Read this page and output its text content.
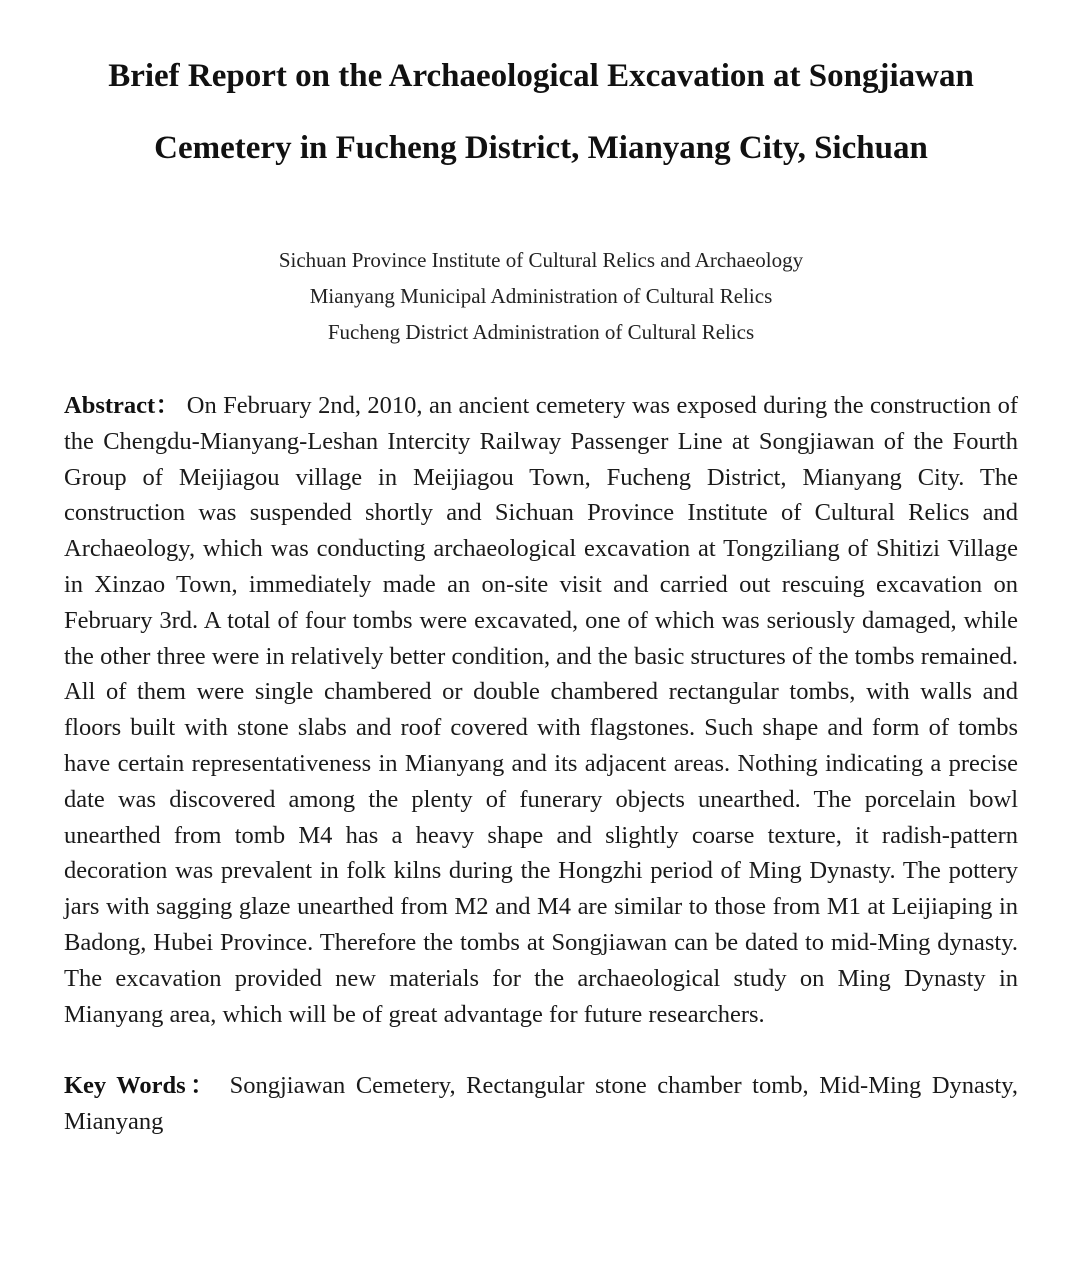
Brief Report on the Archaeological Excavation at Songjiawan
Cemetery in Fucheng District, Mianyang City, Sichuan
Sichuan Province Institute of Cultural Relics and Archaeology
Mianyang Municipal Administration of Cultural Relics
Fucheng District Administration of Cultural Relics
Abstract： On February 2nd, 2010, an ancient cemetery was exposed during the construction of the Chengdu-Mianyang-Leshan Intercity Railway Passenger Line at Songjiawan of the Fourth Group of Meijiagou village in Meijiagou Town, Fucheng District, Mianyang City. The construction was suspended shortly and Sichuan Province Institute of Cultural Relics and Archaeology, which was conducting archaeological excavation at Tongziliang of Shitizi Village in Xinzao Town, immediately made an on-site visit and carried out rescuing excavation on February 3rd. A total of four tombs were excavated, one of which was seriously damaged, while the other three were in relatively better condition, and the basic structures of the tombs remained. All of them were single chambered or double chambered rectangular tombs, with walls and floors built with stone slabs and roof covered with flagstones. Such shape and form of tombs have certain representativeness in Mianyang and its adjacent areas. Nothing indicating a precise date was discovered among the plenty of funerary objects unearthed. The porcelain bowl unearthed from tomb M4 has a heavy shape and slightly coarse texture, it radish-pattern decoration was prevalent in folk kilns during the Hongzhi period of Ming Dynasty. The pottery jars with sagging glaze unearthed from M2 and M4 are similar to those from M1 at Leijiaping in Badong, Hubei Province. Therefore the tombs at Songjiawan can be dated to mid-Ming dynasty. The excavation provided new materials for the archaeological study on Ming Dynasty in Mianyang area, which will be of great advantage for future researchers.
Key Words： Songjiawan Cemetery, Rectangular stone chamber tomb, Mid-Ming Dynasty, Mianyang
